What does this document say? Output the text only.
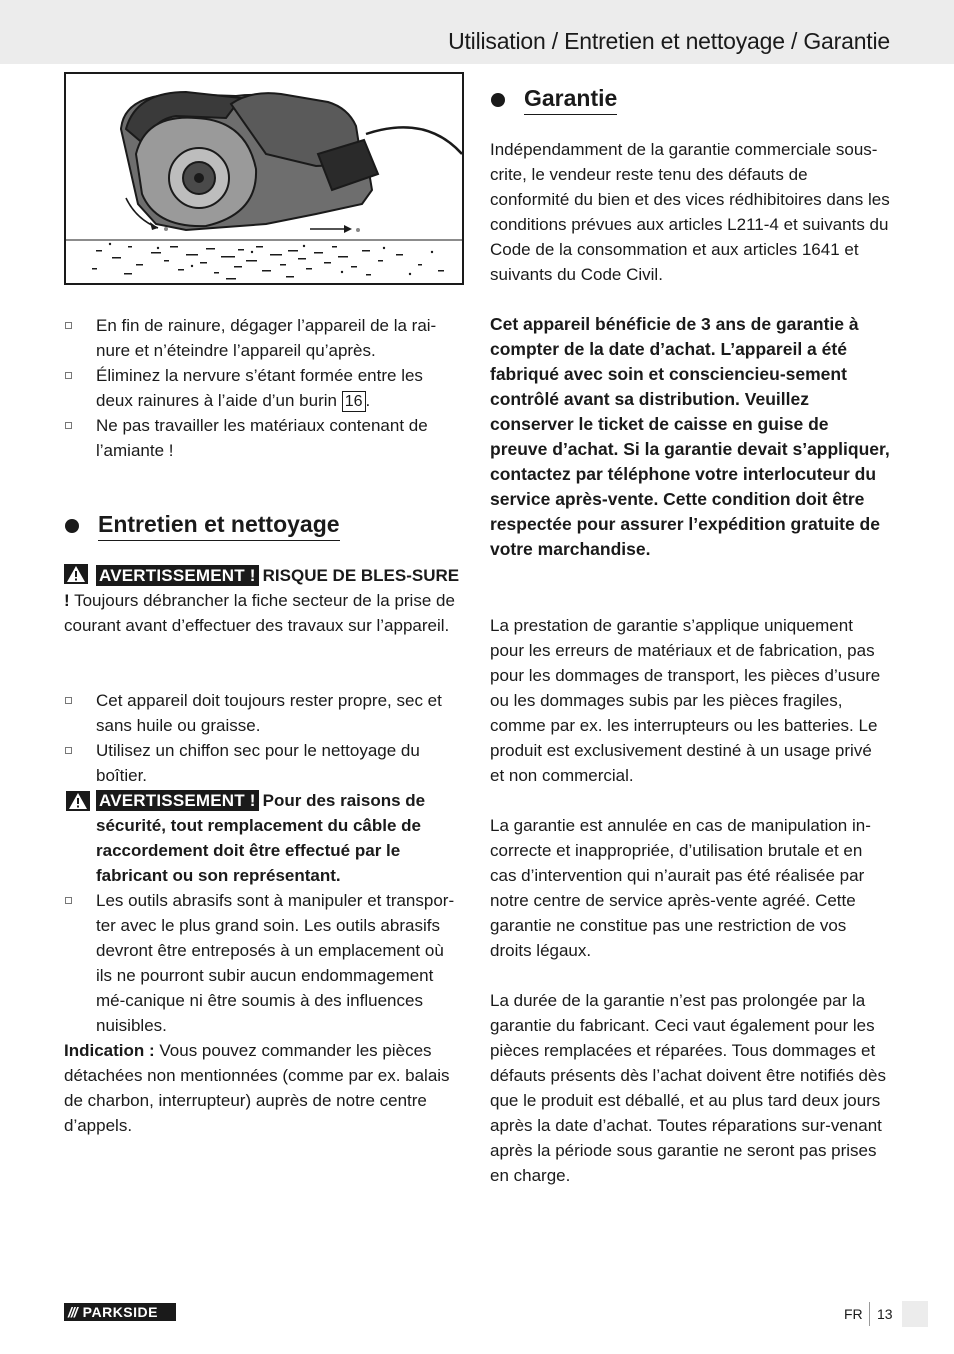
Utilisation / Entretien et nettoyage / Garantie
En fin de rainure, dégager l’appareil de la rai-nure et n’éteindre l’appareil qu’après.
Éliminez la nervure s’étant formée entre les deux rainures à l’aide d’un burin 16 .
Ne pas travailler les matériaux contenant de l’amiante !
Entretien et nettoyage
AVERTISSEMENT ! RISQUE DE BLES-SURE ! Toujours débrancher la fiche secteur de la prise de courant avant d’effectuer des travaux sur l’appareil.
Cet appareil doit toujours rester propre, sec et sans huile ou graisse.
Utilisez un chiffon sec pour le nettoyage du boîtier.
AVERTISSEMENT ! Pour des raisons de sécurité, tout remplacement du câble de raccordement doit être effectué par le fabricant ou son représentant.
Les outils abrasifs sont à manipuler et transpor-ter avec le plus grand soin. Les outils abrasifs devront être entreposés à un emplacement où ils ne pourront subir aucun endommagement mé-canique ni être soumis à des influences nuisibles.
Indication : Vous pouvez commander les pièces détachées non mentionnées (comme par ex. balais de charbon, interrupteur) auprès de notre centre d’appels.
Garantie
Indépendamment de la garantie commerciale sous-crite, le vendeur reste tenu des défauts de conformité du bien et des vices rédhibitoires dans les conditions prévues aux articles L211-4 et suivants du Code de la consommation et aux articles 1641 et suivants du Code Civil.
Cet appareil bénéficie de 3 ans de garantie à compter de la date d’achat. L’appareil a été fabriqué avec soin et consciencieu-sement contrôlé avant sa distribution. Veuillez conserver le ticket de caisse en guise de preuve d’achat. Si la garantie devait s’appliquer, contactez par téléphone votre interlocuteur du service après-vente. Cette condition doit être respectée pour assurer l’expédition gratuite de votre marchandise.
La prestation de garantie s’applique uniquement pour les erreurs de matériaux et de fabrication, pas pour les dommages de transport, les pièces d’usure ou les dommages subis par les pièces fragiles, comme par ex. les interrupteurs ou les batteries. Le produit est exclusivement destiné à un usage privé et non commercial.
La garantie est annulée en cas de manipulation in-correcte et inappropriée, d’utilisation brutale et en cas d’intervention qui n’aurait pas été réalisée par notre centre de service après-vente agréé. Cette garantie ne constitue pas une restriction de vos droits légaux.
La durée de la garantie n’est pas prolongée par la garantie du fabricant. Ceci vaut également pour les pièces remplacées et réparées. Tous dommages et défauts présents dès l’achat doivent être notifiés dès que le produit est déballé, et au plus tard deux jours après la date d’achat. Toutes réparations sur-venant après la période sous garantie ne seront pas prises en charge.
/// PARKSIDE	FR 13
